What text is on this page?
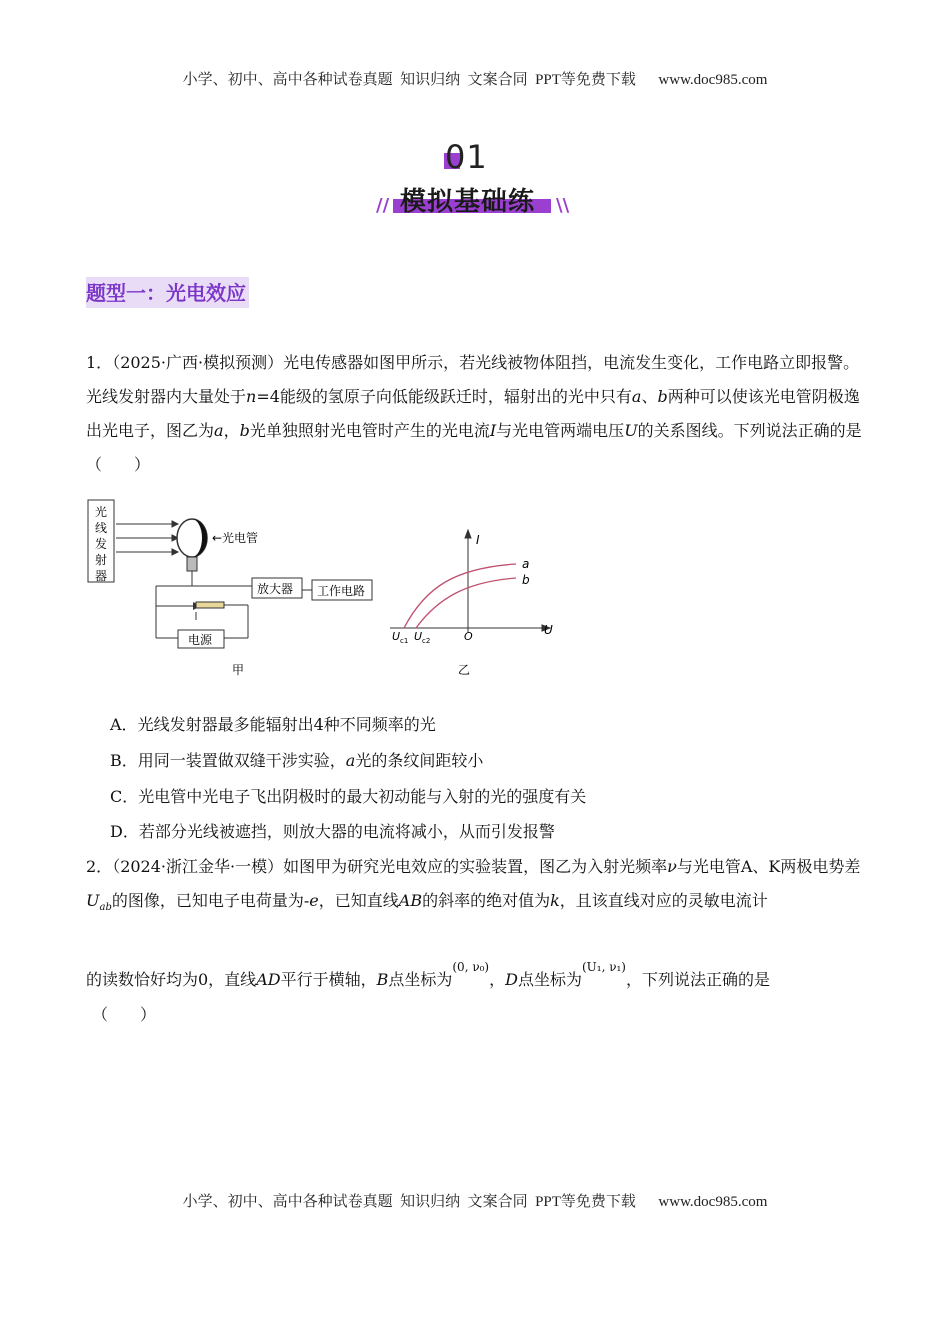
小学、初中、高中各种试卷真题  知识归纳  文案合同  PPT等免费下载      www.doc985.com
01
模拟基础练
//	\\
题型一：光电效应
1．（2025·广西·模拟预测）光电传感器如图甲所示，若光线被物体阻挡，电流发生变化，工作电路立即报警。光线发射器内大量处于n=4能级的氢原子向低能级跃迁时，辐射出的光中只有a、b两种可以使该光电管阴极逸出光电子，图乙为a，b光单独照射光电管时产生的光电流I与光电管两端电压U的关系图线。下列说法正确的是（　　）
光
线
发
射
器
←光电管
放大器 工作电路
电源
甲
I
U
O
a
b
U c1 U c2
乙
A．光线发射器最多能辐射出4种不同频率的光
B．用同一装置做双缝干涉实验，a光的条纹间距较小
C．光电管中光电子飞出阴极时的最大初动能与入射的光的强度有关
D．若部分光线被遮挡，则放大器的电流将减小，从而引发报警
2．（2024·浙江金华·一模）如图甲为研究光电效应的实验装置，图乙为入射光频率ν与光电管A、K两极电势差$U_{ab}$的图像，已知电子电荷量为-e，已知直线AB的斜率的绝对值为k，且该直线对应的灵敏电流计
的读数恰好均为0，直线AD平行于横轴，B点坐标为$^{(0, \nu_0)}$，D点坐标为$^{(U_1, \nu_1)}$，下列说法正确的是
（　　）
小学、初中、高中各种试卷真题  知识归纳  文案合同  PPT等免费下载      www.doc985.com
